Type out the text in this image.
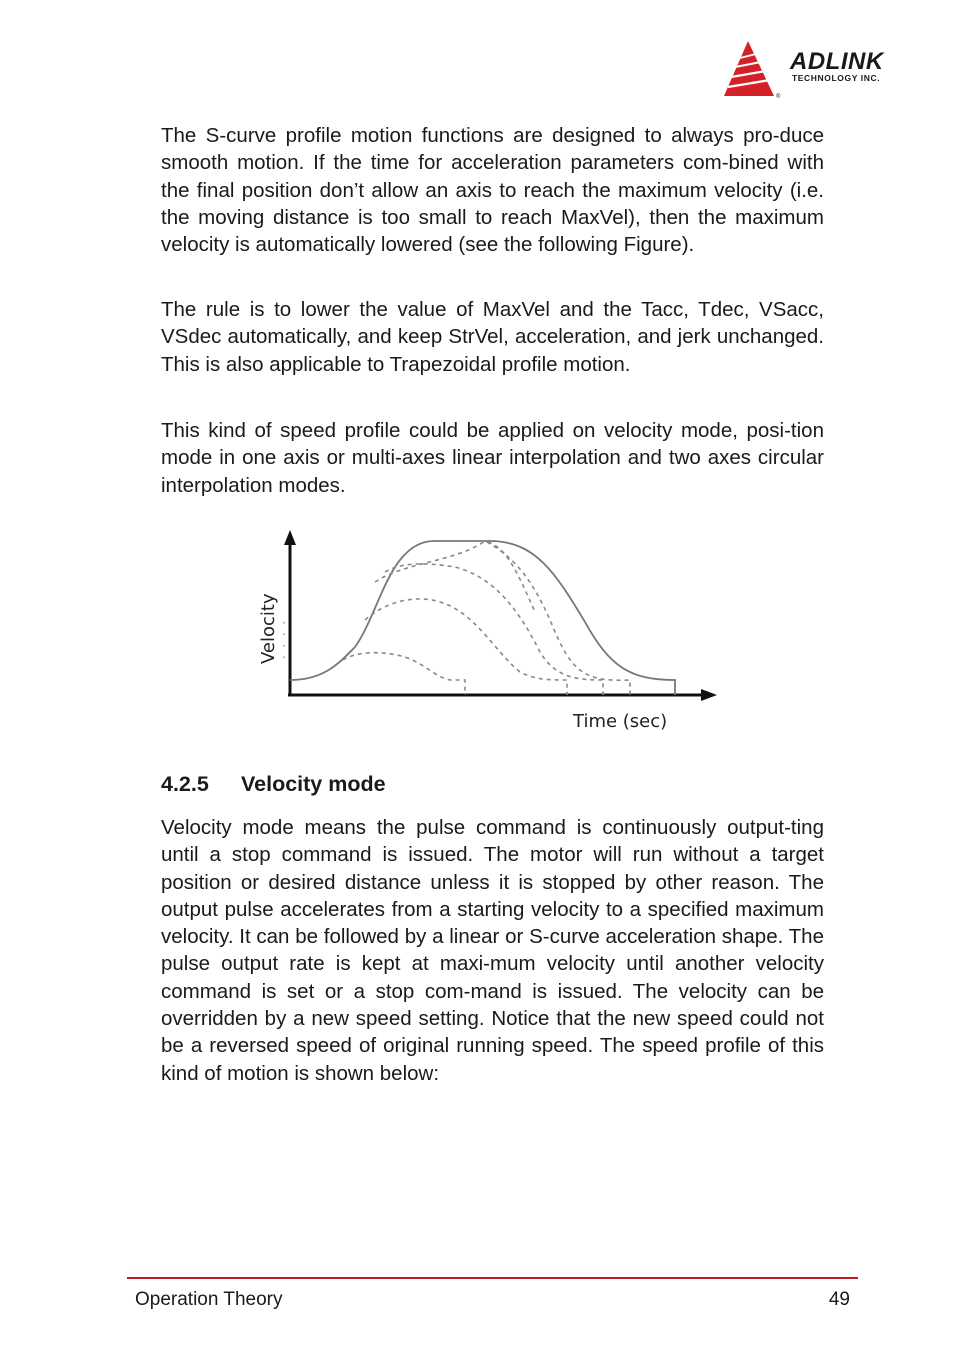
®
ADLINK
TECHNOLOGY INC.

The S-curve profile motion functions are designed to always pro-duce smooth motion. If the time for acceleration parameters com-bined with the final position don’t allow an axis to reach the maximum velocity (i.e. the moving distance is too small to reach MaxVel), then the maximum velocity is automatically lowered (see the following Figure).

The rule is to lower the value of MaxVel and the Tacc, Tdec, VSacc, VSdec automatically, and keep StrVel, acceleration, and jerk unchanged. This is also applicable to Trapezoidal profile motion.

This kind of speed profile could be applied on velocity mode, posi-tion mode in one axis or multi-axes linear interpolation and two axes circular interpolation modes.

Velocity
Time (sec)
4.2.5 Velocity mode

Velocity mode means the pulse command is continuously output-ting until a stop command is issued. The motor will run without a target position or desired distance unless it is stopped by other reason. The output pulse accelerates from a starting velocity to a specified maximum velocity. It can be followed by a linear or S-curve acceleration shape. The pulse output rate is kept at maxi-mum velocity until another velocity command is set or a stop com-mand is issued. The velocity can be overridden by a new speed setting. Notice that the new speed could not be a reversed speed of original running speed. The speed profile of this kind of motion is shown below:

Operation Theory	49
